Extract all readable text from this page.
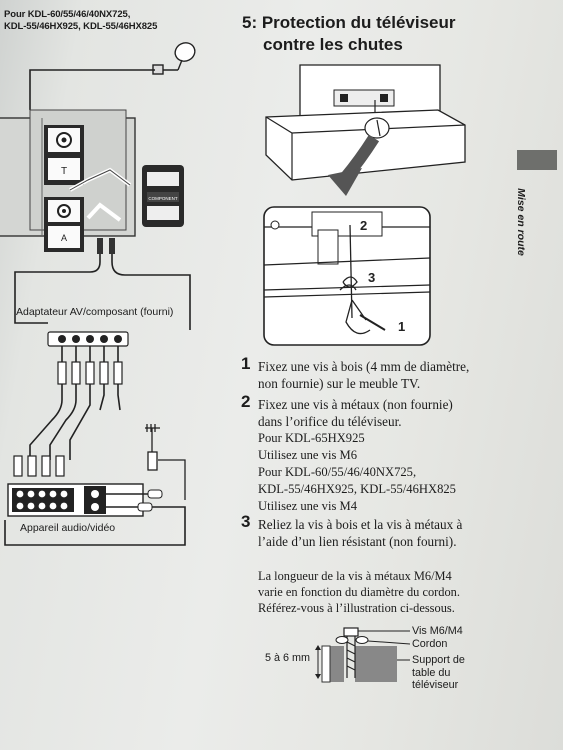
Pour KDL-60/55/46/40NX725,
KDL-55/46HX925, KDL-55/46HX825	5: Protection du téléviseur
contre les chutes
Mise en route
T
A
COMPONENT
Adaptateur AV/composant (fourni)
Appareil audio/vidéo
2
3
1
1 Fixez une vis à bois (4 mm de diamètre,
non fournie) sur le meuble TV.
2 Fixez une vis à métaux (non fournie)
dans l’orifice du téléviseur.
Pour KDL-65HX925
Utilisez une vis M6
Pour KDL-60/55/46/40NX725,
KDL-55/46HX925, KDL-55/46HX825
Utilisez une vis M4
3 Reliez la vis à bois et la vis à métaux à
l’aide d’un lien résistant (non fourni).
La longueur de la vis à métaux M6/M4
varie en fonction du diamètre du cordon.
Référez-vous à l’illustration ci-dessous.
5 à 6 mm
Vis M6/M4
Cordon
Support de
table du
téléviseur
